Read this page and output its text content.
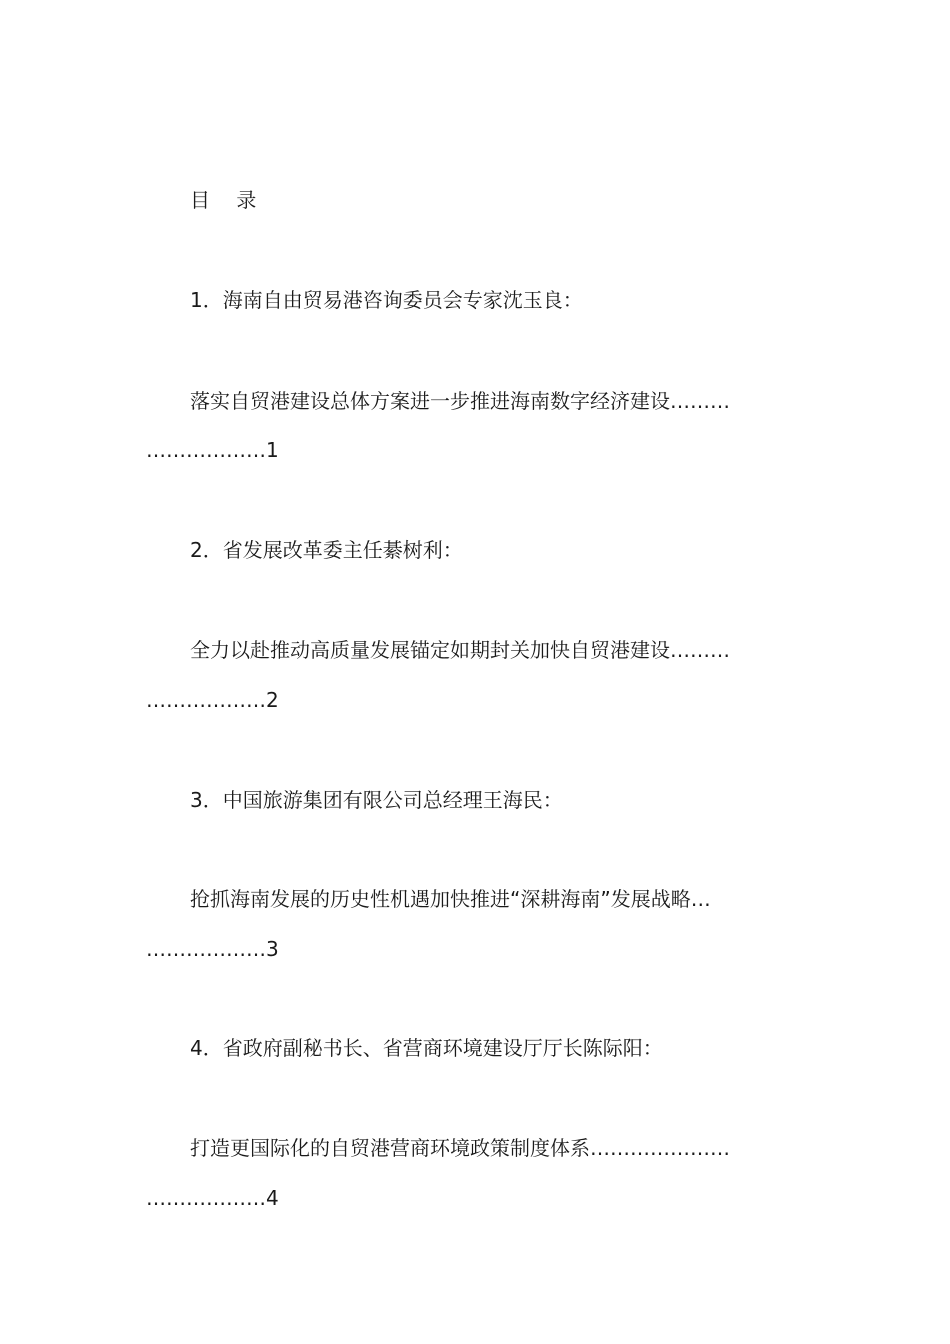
目 录
1．海南自由贸易港咨询委员会专家沈玉良：
落实自贸港建设总体方案进一步推进海南数字经济建设………
………………1
2．省发展改革委主任綦树利：
全力以赴推动高质量发展锚定如期封关加快自贸港建设………
………………2
3．中国旅游集团有限公司总经理王海民：
抢抓海南发展的历史性机遇加快推进“深耕海南”发展战略…
………………3
4．省政府副秘书长、省营商环境建设厅厅长陈际阳：
打造更国际化的自贸港营商环境政策制度体系…………………
………………4
